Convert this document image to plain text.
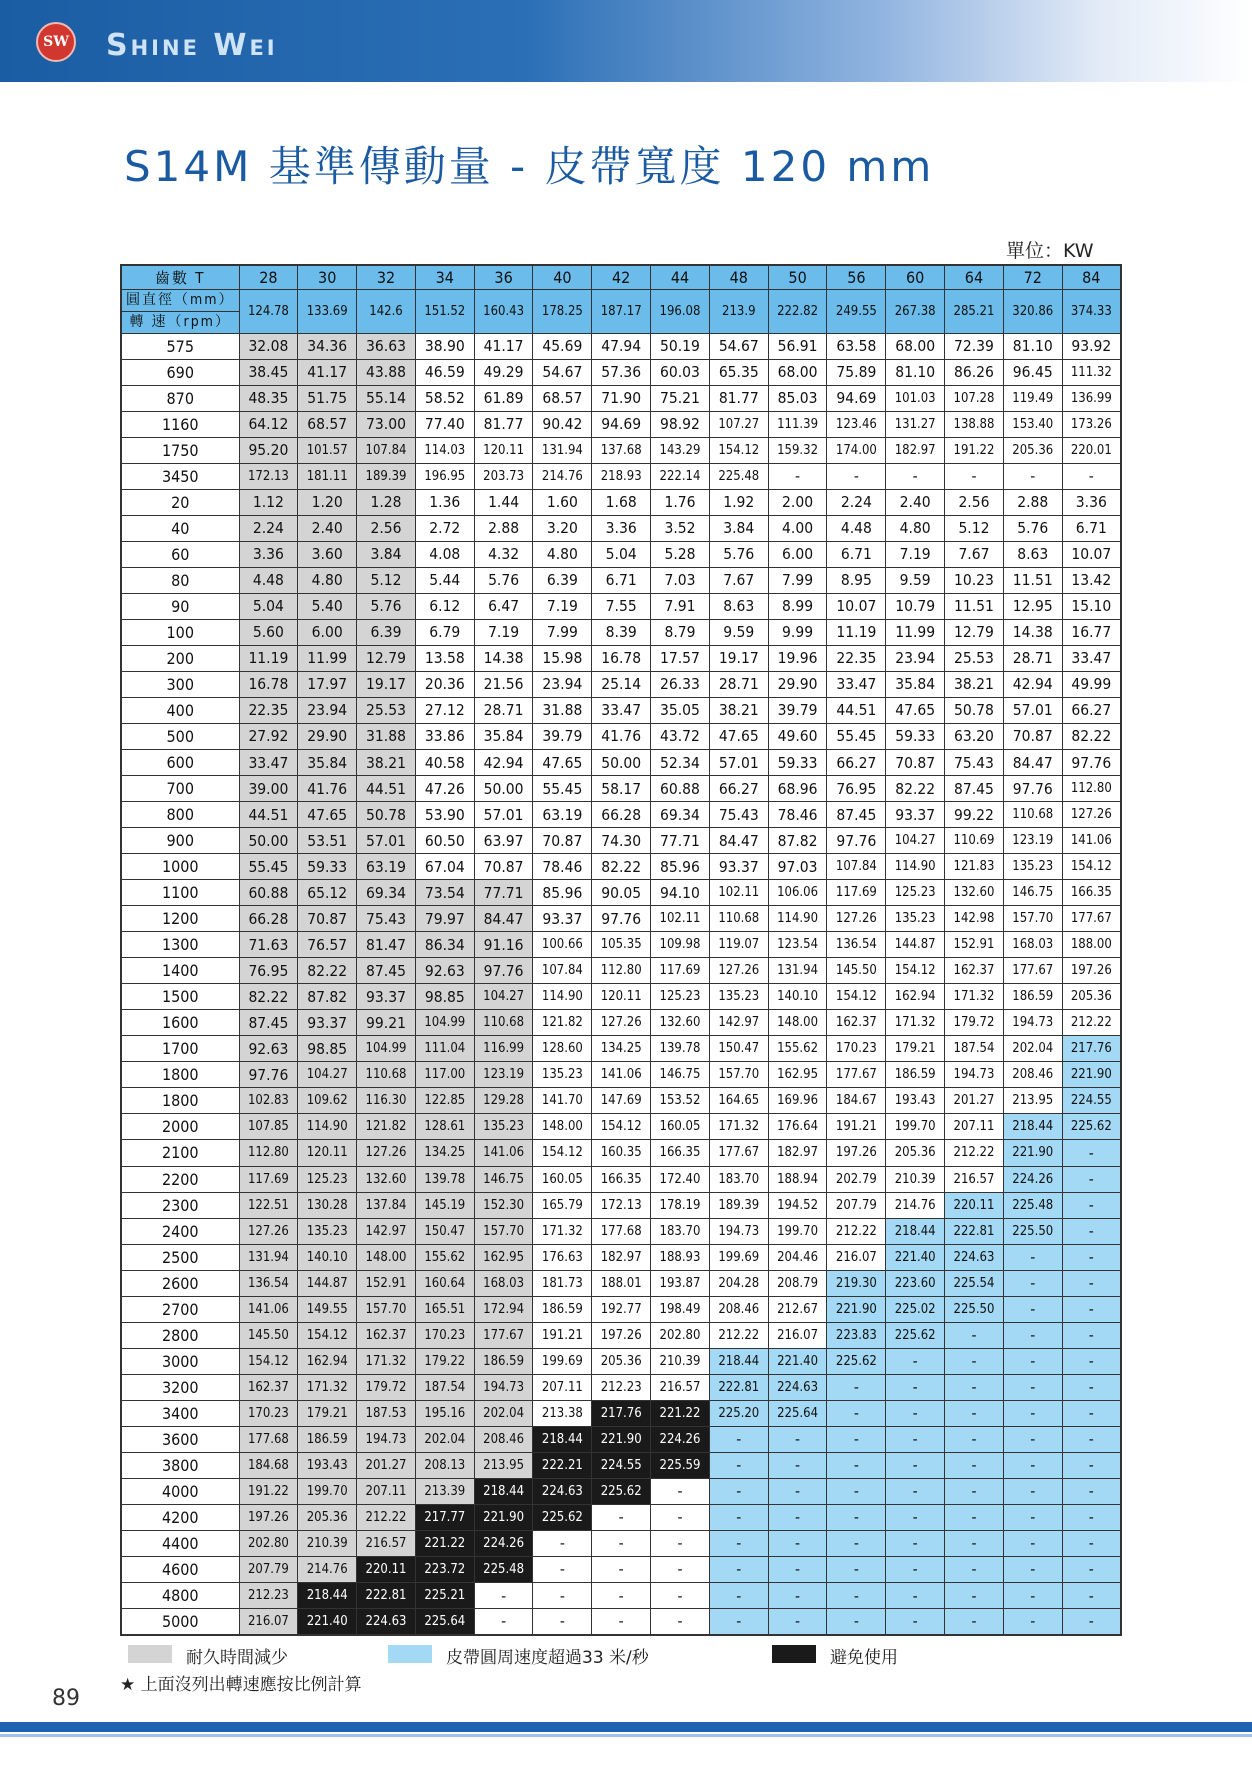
SW Shine Wei
S14M 基準傳動量 - 皮帶寬度 120 mm
單位：KW
齒數 T	28	30	32	34	36	40	42	44	48	50	56	60	64	72	84

圓直徑（mm）
轉 速（rpm）	124.78	133.69	142.6	151.52	160.43	178.25	187.17	196.08	213.9	222.82	249.55	267.38	285.21	320.86	374.33
575	32.08	34.36	36.63	38.90	41.17	45.69	47.94	50.19	54.67	56.91	63.58	68.00	72.39	81.10	93.92
690	38.45	41.17	43.88	46.59	49.29	54.67	57.36	60.03	65.35	68.00	75.89	81.10	86.26	96.45	111.32
870	48.35	51.75	55.14	58.52	61.89	68.57	71.90	75.21	81.77	85.03	94.69	101.03	107.28	119.49	136.99
1160	64.12	68.57	73.00	77.40	81.77	90.42	94.69	98.92	107.27	111.39	123.46	131.27	138.88	153.40	173.26
1750	95.20	101.57	107.84	114.03	120.11	131.94	137.68	143.29	154.12	159.32	174.00	182.97	191.22	205.36	220.01
3450	172.13	181.11	189.39	196.95	203.73	214.76	218.93	222.14	225.48	-	-	-	-	-	-
20	1.12	1.20	1.28	1.36	1.44	1.60	1.68	1.76	1.92	2.00	2.24	2.40	2.56	2.88	3.36
40	2.24	2.40	2.56	2.72	2.88	3.20	3.36	3.52	3.84	4.00	4.48	4.80	5.12	5.76	6.71
60	3.36	3.60	3.84	4.08	4.32	4.80	5.04	5.28	5.76	6.00	6.71	7.19	7.67	8.63	10.07
80	4.48	4.80	5.12	5.44	5.76	6.39	6.71	7.03	7.67	7.99	8.95	9.59	10.23	11.51	13.42
90	5.04	5.40	5.76	6.12	6.47	7.19	7.55	7.91	8.63	8.99	10.07	10.79	11.51	12.95	15.10
100	5.60	6.00	6.39	6.79	7.19	7.99	8.39	8.79	9.59	9.99	11.19	11.99	12.79	14.38	16.77
200	11.19	11.99	12.79	13.58	14.38	15.98	16.78	17.57	19.17	19.96	22.35	23.94	25.53	28.71	33.47
300	16.78	17.97	19.17	20.36	21.56	23.94	25.14	26.33	28.71	29.90	33.47	35.84	38.21	42.94	49.99
400	22.35	23.94	25.53	27.12	28.71	31.88	33.47	35.05	38.21	39.79	44.51	47.65	50.78	57.01	66.27
500	27.92	29.90	31.88	33.86	35.84	39.79	41.76	43.72	47.65	49.60	55.45	59.33	63.20	70.87	82.22
600	33.47	35.84	38.21	40.58	42.94	47.65	50.00	52.34	57.01	59.33	66.27	70.87	75.43	84.47	97.76
700	39.00	41.76	44.51	47.26	50.00	55.45	58.17	60.88	66.27	68.96	76.95	82.22	87.45	97.76	112.80
800	44.51	47.65	50.78	53.90	57.01	63.19	66.28	69.34	75.43	78.46	87.45	93.37	99.22	110.68	127.26
900	50.00	53.51	57.01	60.50	63.97	70.87	74.30	77.71	84.47	87.82	97.76	104.27	110.69	123.19	141.06
1000	55.45	59.33	63.19	67.04	70.87	78.46	82.22	85.96	93.37	97.03	107.84	114.90	121.83	135.23	154.12
1100	60.88	65.12	69.34	73.54	77.71	85.96	90.05	94.10	102.11	106.06	117.69	125.23	132.60	146.75	166.35
1200	66.28	70.87	75.43	79.97	84.47	93.37	97.76	102.11	110.68	114.90	127.26	135.23	142.98	157.70	177.67
1300	71.63	76.57	81.47	86.34	91.16	100.66	105.35	109.98	119.07	123.54	136.54	144.87	152.91	168.03	188.00
1400	76.95	82.22	87.45	92.63	97.76	107.84	112.80	117.69	127.26	131.94	145.50	154.12	162.37	177.67	197.26
1500	82.22	87.82	93.37	98.85	104.27	114.90	120.11	125.23	135.23	140.10	154.12	162.94	171.32	186.59	205.36
1600	87.45	93.37	99.21	104.99	110.68	121.82	127.26	132.60	142.97	148.00	162.37	171.32	179.72	194.73	212.22
1700	92.63	98.85	104.99	111.04	116.99	128.60	134.25	139.78	150.47	155.62	170.23	179.21	187.54	202.04	217.76
1800	97.76	104.27	110.68	117.00	123.19	135.23	141.06	146.75	157.70	162.95	177.67	186.59	194.73	208.46	221.90
1800	102.83	109.62	116.30	122.85	129.28	141.70	147.69	153.52	164.65	169.96	184.67	193.43	201.27	213.95	224.55
2000	107.85	114.90	121.82	128.61	135.23	148.00	154.12	160.05	171.32	176.64	191.21	199.70	207.11	218.44	225.62
2100	112.80	120.11	127.26	134.25	141.06	154.12	160.35	166.35	177.67	182.97	197.26	205.36	212.22	221.90	-
2200	117.69	125.23	132.60	139.78	146.75	160.05	166.35	172.40	183.70	188.94	202.79	210.39	216.57	224.26	-
2300	122.51	130.28	137.84	145.19	152.30	165.79	172.13	178.19	189.39	194.52	207.79	214.76	220.11	225.48	-
2400	127.26	135.23	142.97	150.47	157.70	171.32	177.68	183.70	194.73	199.70	212.22	218.44	222.81	225.50	-
2500	131.94	140.10	148.00	155.62	162.95	176.63	182.97	188.93	199.69	204.46	216.07	221.40	224.63	-	-
2600	136.54	144.87	152.91	160.64	168.03	181.73	188.01	193.87	204.28	208.79	219.30	223.60	225.54	-	-
2700	141.06	149.55	157.70	165.51	172.94	186.59	192.77	198.49	208.46	212.67	221.90	225.02	225.50	-	-
2800	145.50	154.12	162.37	170.23	177.67	191.21	197.26	202.80	212.22	216.07	223.83	225.62	-	-	-
3000	154.12	162.94	171.32	179.22	186.59	199.69	205.36	210.39	218.44	221.40	225.62	-	-	-	-
3200	162.37	171.32	179.72	187.54	194.73	207.11	212.23	216.57	222.81	224.63	-	-	-	-	-
3400	170.23	179.21	187.53	195.16	202.04	213.38	217.76	221.22	225.20	225.64	-	-	-	-	-
3600	177.68	186.59	194.73	202.04	208.46	218.44	221.90	224.26	-	-	-	-	-	-	-
3800	184.68	193.43	201.27	208.13	213.95	222.21	224.55	225.59	-	-	-	-	-	-	-
4000	191.22	199.70	207.11	213.39	218.44	224.63	225.62	-	-	-	-	-	-	-	-
4200	197.26	205.36	212.22	217.77	221.90	225.62	-	-	-	-	-	-	-	-	-
4400	202.80	210.39	216.57	221.22	224.26	-	-	-	-	-	-	-	-	-	-
4600	207.79	214.76	220.11	223.72	225.48	-	-	-	-	-	-	-	-	-	-
4800	212.23	218.44	222.81	225.21	-	-	-	-	-	-	-	-	-	-	-
5000	216.07	221.40	224.63	225.64	-	-	-	-	-	-	-	-	-	-	-
耐久時間減少	皮帶圓周速度超過33 米/秒	避免使用
★ 上面沒列出轉速應按比例計算
89
